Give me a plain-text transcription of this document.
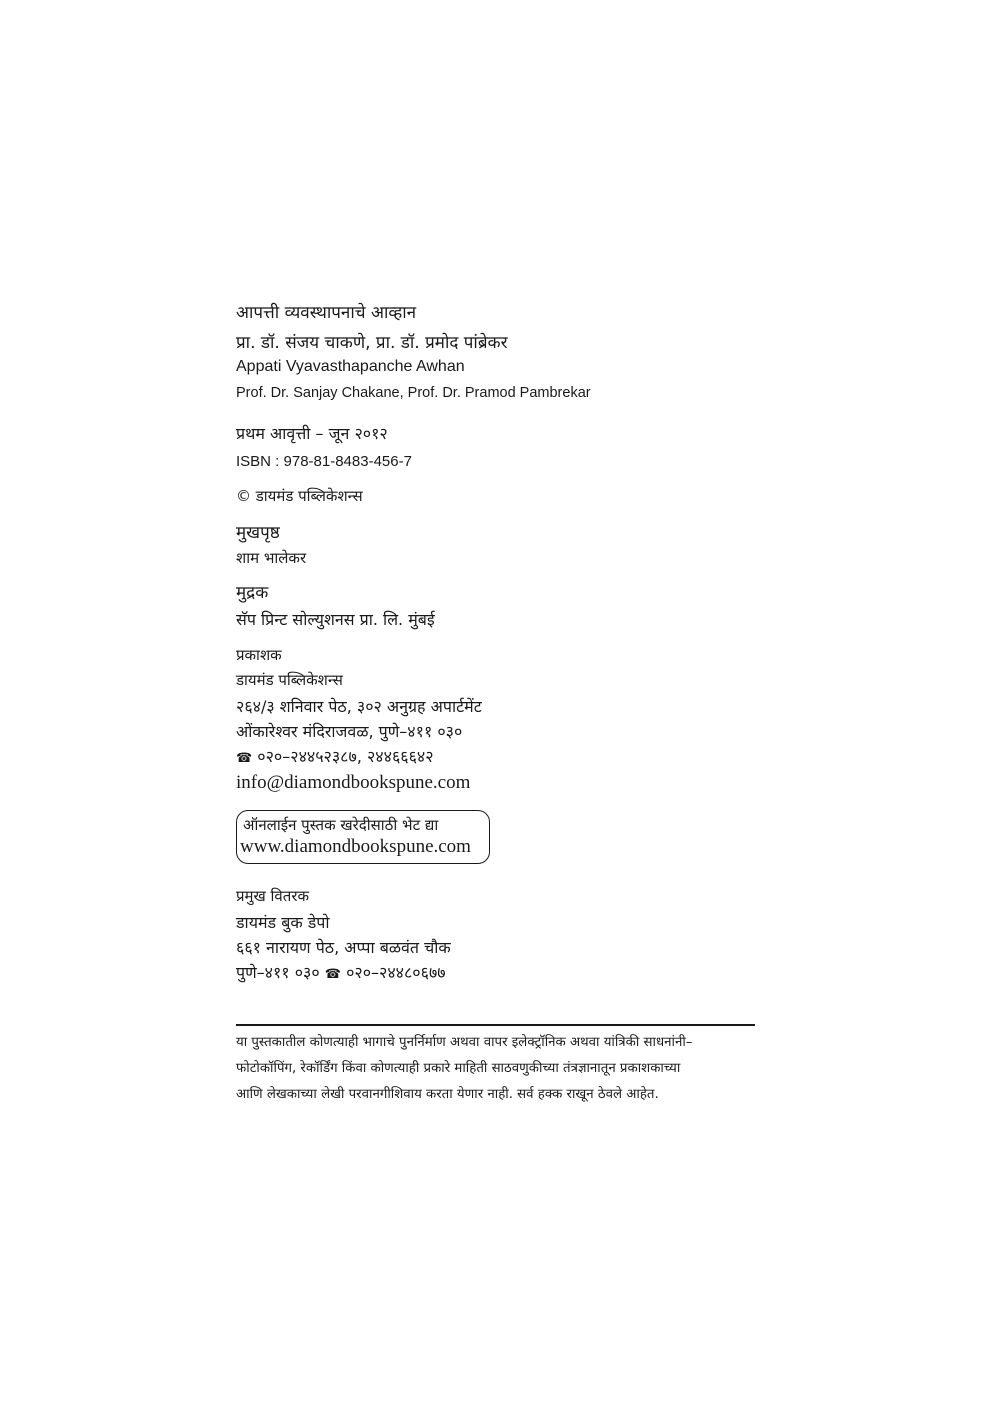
आपत्ती व्यवस्थापनाचे आव्हान
प्रा. डॉ. संजय चाकणे, प्रा. डॉ. प्रमोद पांब्रेकर
Appati Vyavasthapanche Awhan
Prof. Dr. Sanjay Chakane, Prof. Dr. Pramod Pambrekar
प्रथम आवृत्ती – जून २०१२
ISBN : 978-81-8483-456-7
© डायमंड पब्लिकेशन्स
मुखपृष्ठ
शाम भालेकर
मुद्रक
सॅप प्रिन्ट सोल्युशनस प्रा. लि. मुंबई
प्रकाशक
डायमंड पब्लिकेशन्स
२६४/३ शनिवार पेठ, ३०२ अनुग्रह अपार्टमेंट
ओंकारेश्वर मंदिराजवळ, पुणे–४११ ०३०
☎ ०२०–२४४५२३८७, २४४६६६४२
info@diamondbookspune.com
ऑनलाईन पुस्तक खरेदीसाठी भेट द्या
www.diamondbookspune.com
प्रमुख वितरक
डायमंड बुक डेपो
६६१ नारायण पेठ, अप्पा बळवंत चौक
पुणे–४११ ०३० ☎ ०२०–२४४८०६७७
या पुस्तकातील कोणत्याही भागाचे पुनर्निर्माण अथवा वापर इलेक्ट्रॉनिक अथवा यांत्रिकी साधनांनी–
फोटोकॉपिंग, रेकॉर्डिंग किंवा कोणत्याही प्रकारे माहिती साठवणुकीच्या तंत्रज्ञानातून प्रकाशकाच्या
आणि लेखकाच्या लेखी परवानगीशिवाय करता येणार नाही. सर्व हक्क राखून ठेवले आहेत.
